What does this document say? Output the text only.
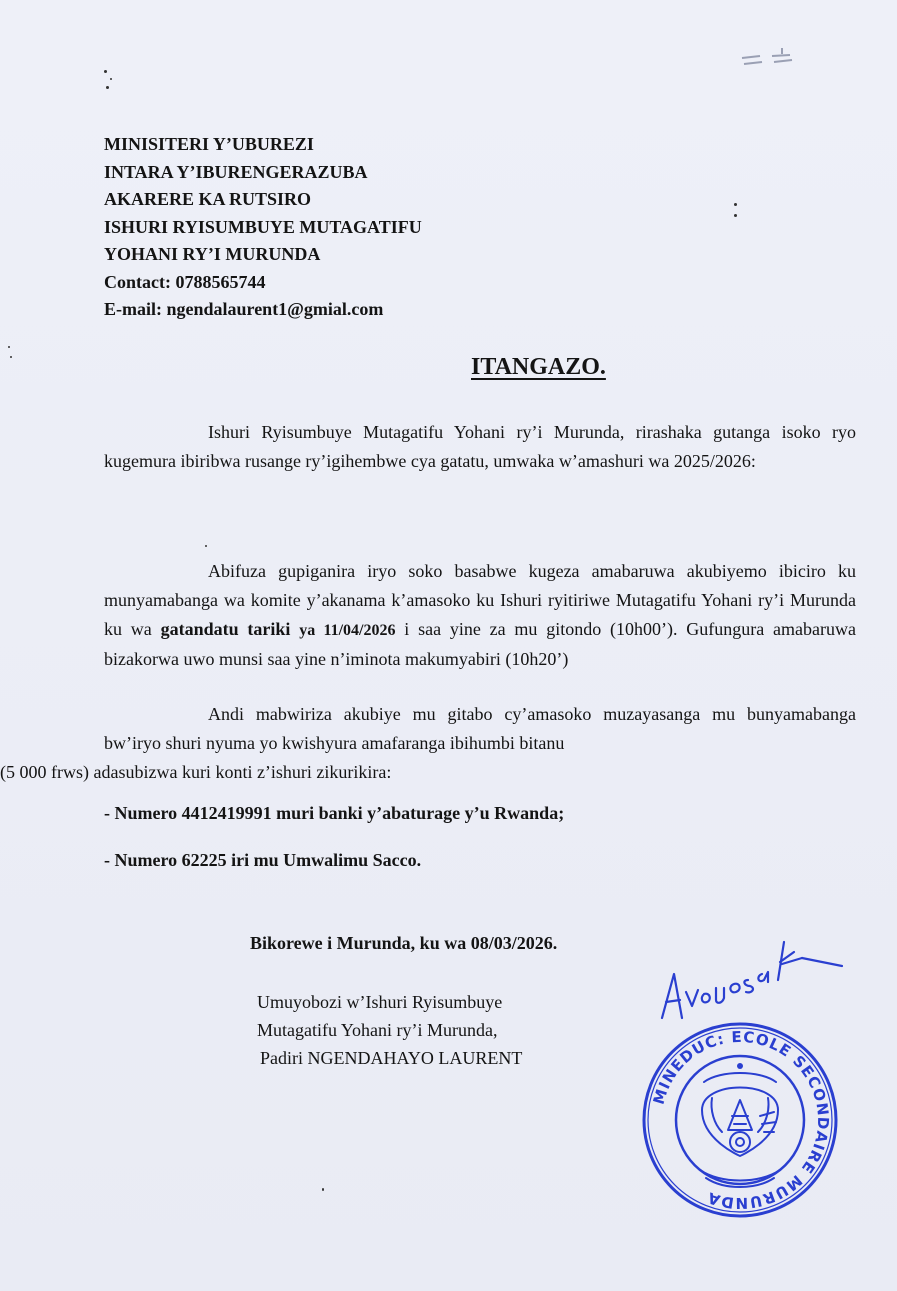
MINISITERI Y’UBUREZI
INTARA Y’IBURENGERAZUBA
AKARERE KA RUTSIRO
ISHURI RYISUMBUYE MUTAGATIFU
YOHANI RY’I MURUNDA
Contact: 0788565744
E-mail: ngendalaurent1@gmial.com
ITANGAZO.
Ishuri Ryisumbuye Mutagatifu Yohani ry’i Murunda, rirashaka gutanga isoko ryo kugemura ibiribwa rusange ry’igihembwe cya gatatu, umwaka w’amashuri wa 2025/2026:
Abifuza gupiganira iryo soko basabwe kugeza amabaruwa akubiyemo ibiciro ku munyamabanga wa komite y’akanama k’amasoko ku Ishuri ryitiriwe Mutagatifu Yohani ry’i Murunda ku wa gatandatu tariki ya 11/04/2026 i saa yine za mu gitondo (10h00’). Gufungura amabaruwa bizakorwa uwo munsi saa yine n’iminota makumyabiri (10h20’)
Andi mabwiriza akubiye mu gitabo cy’amasoko muzayasanga mu bunyamabanga bw’iryo shuri nyuma yo kwishyura amafaranga ibihumbi bitanu
(5 000 frws) adasubizwa kuri konti z’ishuri zikurikira:
- Numero 4412419991 muri banki y’abaturage y’u Rwanda;
- Numero 62225 iri mu Umwalimu Sacco.
Bikorewe i Murunda, ku wa 08/03/2026.
Umuyobozi w’Ishuri Ryisumbuye
Mutagatifu Yohani ry’i Murunda,
Padiri NGENDAHAYO LAURENT
MINEDUC: ECOLE SECONDAIRE MURUNDA
